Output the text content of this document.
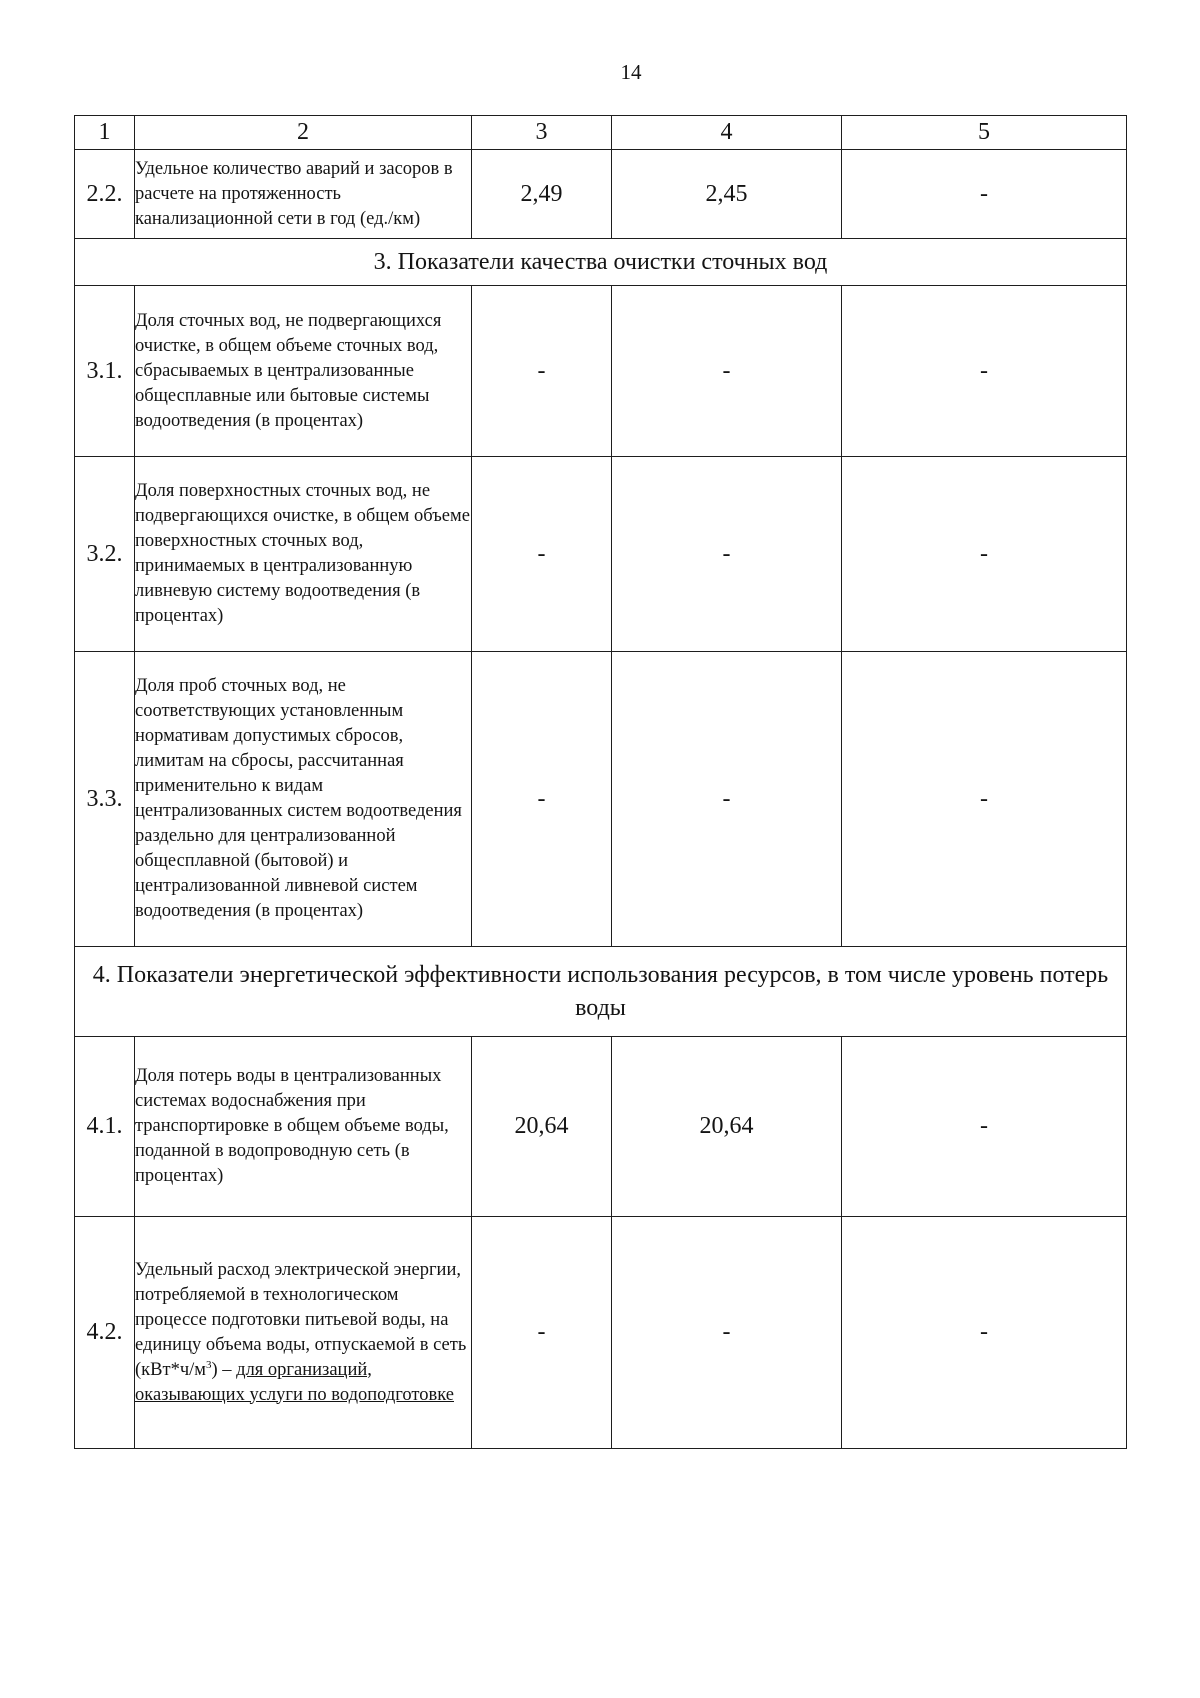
14
1	2	3	4	5
2.2.	Удельное количество аварий и засоров в расчете на протяженность канализационной сети в год (ед./км)	2,49	2,45	-
3. Показатели качества очистки сточных вод				
3.1.	Доля сточных вод, не подвергающихся очистке, в общем объеме сточных вод, сбрасываемых в централизованные общесплавные или бытовые системы водоотведения (в процентах)	-	-	-
3.2.	Доля поверхностных сточных вод, не подвергающихся очистке, в общем объеме поверхностных сточных вод, принимаемых в централизованную ливневую систему водоотведения (в процентах)	-	-	-
3.3.	Доля проб сточных вод, не соответствующих установленным нормативам допустимых сбросов, лимитам на сбросы, рассчитанная применительно к видам централизованных систем водоотведения раздельно для централизованной общесплавной (бытовой) и централизованной ливневой систем водоотведения (в процентах)	-	-	-
4. Показатели энергетической эффективности использования ресурсов, в том числе уровень потерь воды				
4.1.	Доля потерь воды в централизованных системах водоснабжения при транспортировке в общем объеме воды, поданной в водопроводную сеть (в процентах)	20,64	20,64	-
4.2.	Удельный расход электрической энергии, потребляемой в технологическом процессе подготовки питьевой воды, на единицу объема воды, отпускаемой в сеть $(кВт*ч/м^3)$ – для организаций, оказывающих услуги по водоподготовке	-	-	-
